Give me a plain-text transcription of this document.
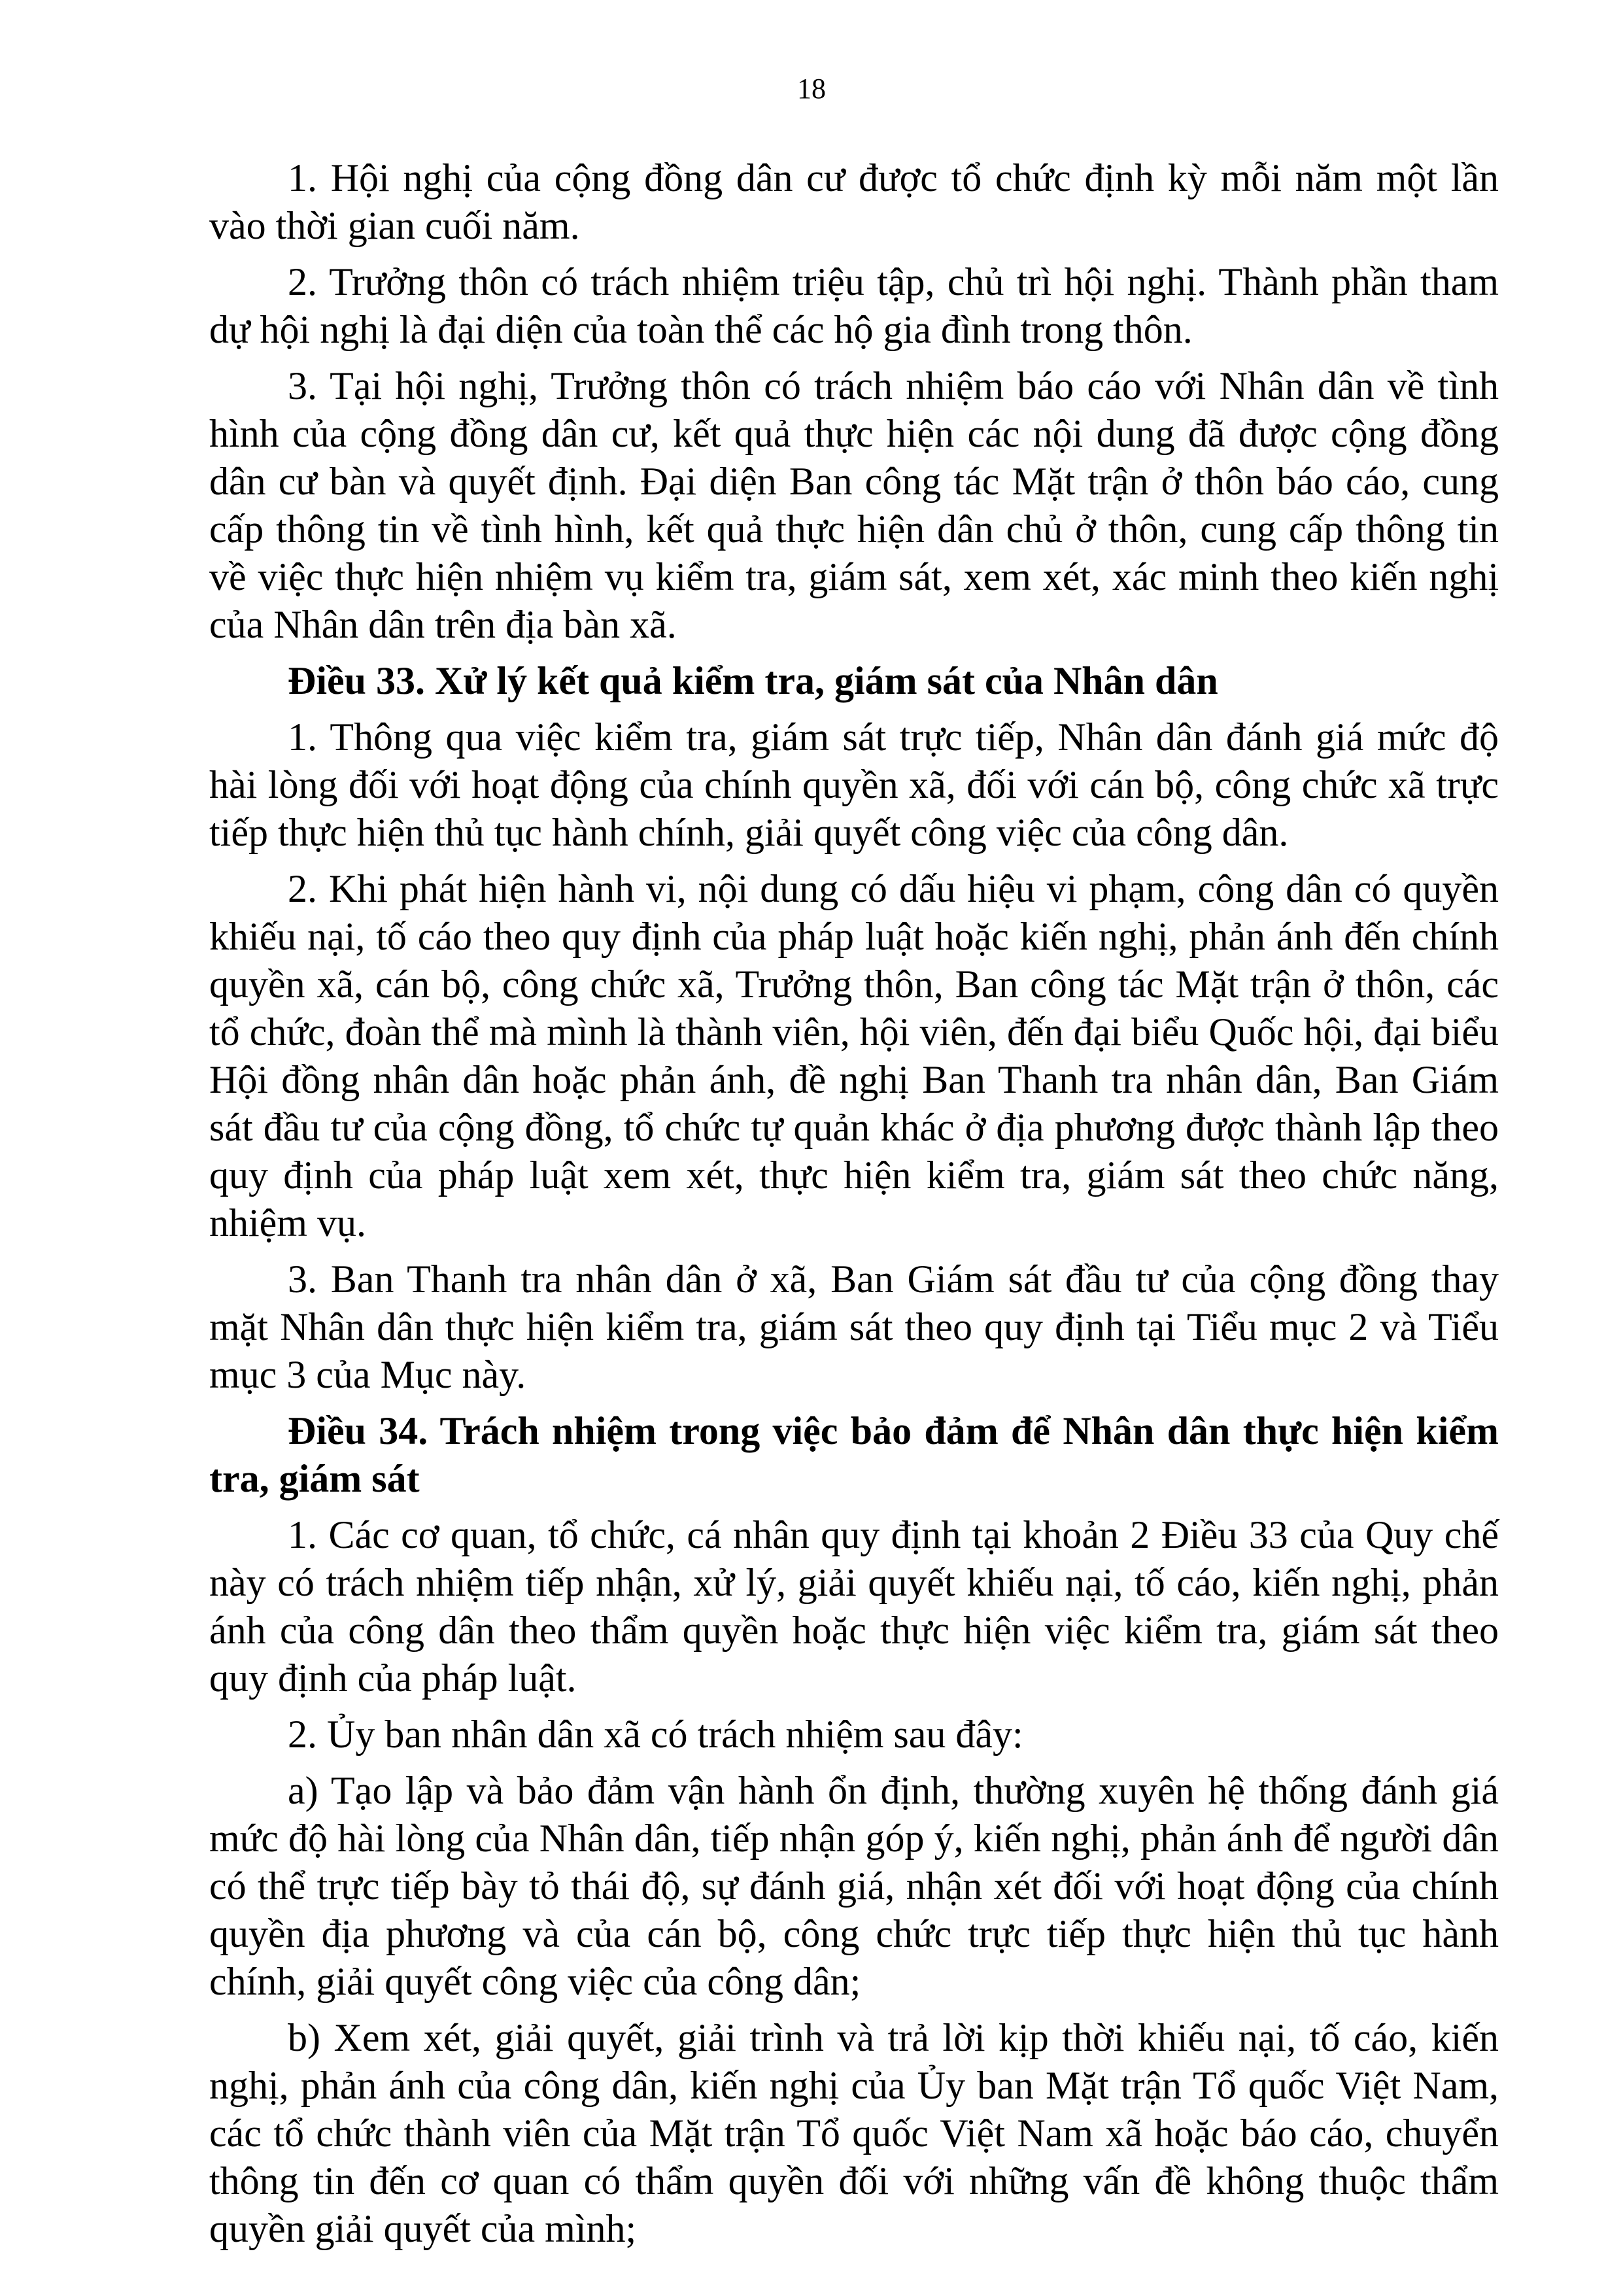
18

1. Hội nghị của cộng đồng dân cư được tổ chức định kỳ mỗi năm một lần vào thời gian cuối năm.

2. Trưởng thôn có trách nhiệm triệu tập, chủ trì hội nghị. Thành phần tham dự hội nghị là đại diện của toàn thể các hộ gia đình trong thôn.

3. Tại hội nghị, Trưởng thôn có trách nhiệm báo cáo với Nhân dân về tình hình của cộng đồng dân cư, kết quả thực hiện các nội dung đã được cộng đồng dân cư bàn và quyết định. Đại diện Ban công tác Mặt trận ở thôn báo cáo, cung cấp thông tin về tình hình, kết quả thực hiện dân chủ ở thôn, cung cấp thông tin về việc thực hiện nhiệm vụ kiểm tra, giám sát, xem xét, xác minh theo kiến nghị của Nhân dân trên địa bàn xã.

Điều 33. Xử lý kết quả kiểm tra, giám sát của Nhân dân

1. Thông qua việc kiểm tra, giám sát trực tiếp, Nhân dân đánh giá mức độ hài lòng đối với hoạt động của chính quyền xã, đối với cán bộ, công chức xã trực tiếp thực hiện thủ tục hành chính, giải quyết công việc của công dân.

2. Khi phát hiện hành vi, nội dung có dấu hiệu vi phạm, công dân có quyền khiếu nại, tố cáo theo quy định của pháp luật hoặc kiến nghị, phản ánh đến chính quyền xã, cán bộ, công chức xã, Trưởng thôn, Ban công tác Mặt trận ở thôn, các tổ chức, đoàn thể mà mình là thành viên, hội viên, đến đại biểu Quốc hội, đại biểu Hội đồng nhân dân hoặc phản ánh, đề nghị Ban Thanh tra nhân dân, Ban Giám sát đầu tư của cộng đồng, tổ chức tự quản khác ở địa phương được thành lập theo quy định của pháp luật xem xét, thực hiện kiểm tra, giám sát theo chức năng, nhiệm vụ.

3. Ban Thanh tra nhân dân ở xã, Ban Giám sát đầu tư của cộng đồng thay mặt Nhân dân thực hiện kiểm tra, giám sát theo quy định tại Tiểu mục 2 và Tiểu mục 3 của Mục này.

Điều 34. Trách nhiệm trong việc bảo đảm để Nhân dân thực hiện kiểm tra, giám sát

1. Các cơ quan, tổ chức, cá nhân quy định tại khoản 2 Điều 33 của Quy chế này có trách nhiệm tiếp nhận, xử lý, giải quyết khiếu nại, tố cáo, kiến nghị, phản ánh của công dân theo thẩm quyền hoặc thực hiện việc kiểm tra, giám sát theo quy định của pháp luật.

2. Ủy ban nhân dân xã có trách nhiệm sau đây:

a) Tạo lập và bảo đảm vận hành ổn định, thường xuyên hệ thống đánh giá mức độ hài lòng của Nhân dân, tiếp nhận góp ý, kiến nghị, phản ánh để người dân có thể trực tiếp bày tỏ thái độ, sự đánh giá, nhận xét đối với hoạt động của chính quyền địa phương và của cán bộ, công chức trực tiếp thực hiện thủ tục hành chính, giải quyết công việc của công dân;

b) Xem xét, giải quyết, giải trình và trả lời kịp thời khiếu nại, tố cáo, kiến nghị, phản ánh của công dân, kiến nghị của Ủy ban Mặt trận Tổ quốc Việt Nam, các tổ chức thành viên của Mặt trận Tổ quốc Việt Nam xã hoặc báo cáo, chuyển thông tin đến cơ quan có thẩm quyền đối với những vấn đề không thuộc thẩm quyền giải quyết của mình;
